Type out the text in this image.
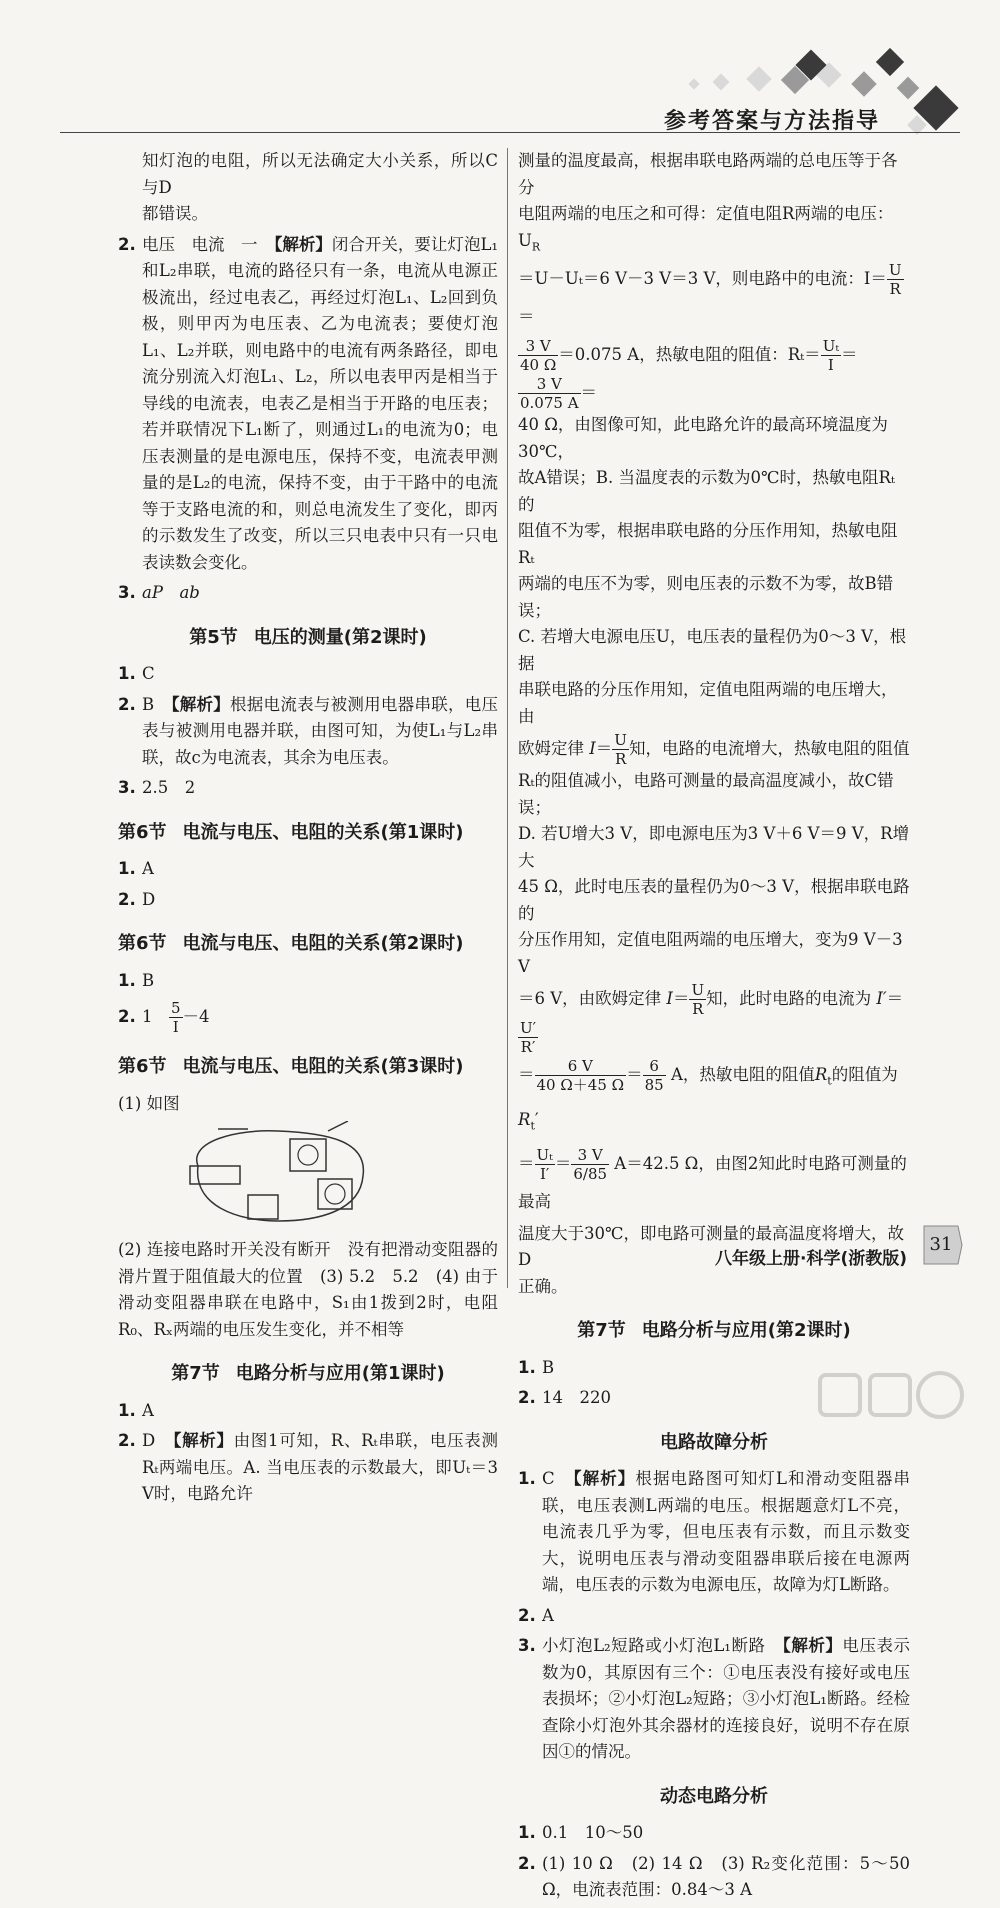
参考答案与方法指导

知灯泡的电阻，所以无法确定大小关系，所以C与D

都错误。

2. 电压　电流　一　 【解析】闭合开关，要让灯泡L₁和L₂串联，电流的路径只有一条，电流从电源正极流出，经过电表乙，再经过灯泡L₁、L₂回到负极，则甲丙为电压表、乙为电流表；要使灯泡L₁、L₂并联，则电路中的电流有两条路径，即电流分别流入灯泡L₁、L₂，所以电表甲丙是相当于导线的电流表，电表乙是相当于开路的电压表；若并联情况下L₁断了，则通过L₁的电流为0；电压表测量的是电源电压，保持不变，电流表甲测量的是L₂的电流，保持不变，由于干路中的电流等于支路电流的和，则总电流发生了变化，即丙的示数发生了改变，所以三只电表中只有一只电表读数会变化。
3. aP　ab
第5节 电压的测量(第2课时)
1. C
2. B　 【解析】根据电流表与被测用电器串联，电压表与被测用电器并联，由图可知，为使L₁与L₂串联，故c为电流表，其余为电压表。
3. 2.5　2
第6节 电流与电压、电阻的关系(第1课时)
1. A
2. D
第6节 电流与电压、电阻的关系(第2课时)
1. B
2. 1　 $\frac{5}{I} -4$
第6节 电流与电压、电阻的关系(第3课时)

(1) 如图

(2) 连接电路时开关没有断开　没有把滑动变阻器的滑片置于阻值最大的位置　(3) 5.2　5.2　(4) 由于滑动变阻器串联在电路中，S₁由1拨到2时，电阻R₀、Rₓ两端的电压发生变化，并不相等

第7节 电路分析与应用(第1课时)
1. A
2. D　 【解析】由图1可知，R、Rₜ串联，电压表测Rₜ两端电压。A. 当电压表的示数最大，即Uₜ＝3 V时，电路允许

测量的温度最高，根据串联电路两端的总电压等于各分

电阻两端的电压之和可得：定值电阻R两端的电压：$U_R$

＝U－Uₜ＝6 V－3 V＝3 V，则电路中的电流：$I= \frac{U}{R}$
＝

$\frac{3 V}{40 \Omega} =0.075$ A，热敏电阻的阻值：$R_t= \frac{\text{Uₜ}}{I}$ ＝
$\frac{3 V}{0.075 A}$ ＝

40 Ω，由图像可知，此电路允许的最高环境温度为30℃，

故A错误；B. 当温度表的示数为0℃时，热敏电阻Rₜ的

阻值不为零，根据串联电路的分压作用知，热敏电阻Rₜ

两端的电压不为零，则电压表的示数不为零，故B错误；

C. 若增大电源电压U，电压表的量程仍为0～3 V，根据

串联电路的分压作用知，定值电阻两端的电压增大，由

欧姆定律 $I= \frac{U}{R}$ 知，电路的电流增大，热敏电阻的阻值

Rₜ的阻值减小，电路可测量的最高温度减小，故C错误；

D. 若U增大3 V，即电源电压为3 V＋6 V＝9 V，R增大

45 Ω，此时电压表的量程仍为0～3 V，根据串联电路的

分压作用知，定值电阻两端的电压增大，变为9 V－3 V

＝6 V，由欧姆定律 $I= \frac{U}{R}$ 知，此时电路的电流为 I′＝
$\frac{U'}{R'}$

＝ $\frac{6 V}{40 \Omega+45 \Omega} = \frac{6}{85}$ A，热敏电阻的阻值$R_t$的阻值为$R_t'$

＝ $\frac{\text{Uₜ}}{I'} = \frac{3 V}{6/85} A=42.5$ Ω，由图2知此时电路可测量的最高

温度大于30℃，即电路可测量的最高温度将增大，故D

正确。

第7节 电路分析与应用(第2课时)
1. B
2. 14　220
电路故障分析
1. C　 【解析】根据电路图可知灯L和滑动变阻器串联，电压表测L两端的电压。根据题意灯L不亮，电流表几乎为零，但电压表有示数，而且示数变大，说明电压表与滑动变阻器串联后接在电源两端，电压表的示数为电源电压，故障为灯L断路。
2. A
3. 小灯泡L₂短路或小灯泡L₁断路　 【解析】电压表示数为0，其原因有三个：①电压表没有接好或电压表损坏；②小灯泡L₂短路；③小灯泡L₁断路。经检查除小灯泡外其余器材的连接良好，说明不存在原因①的情况。
动态电路分析
1. 0.1　10～50
2. (1) 10 Ω　(2) 14 Ω　(3) R₂变化范围：5～50 Ω，电流表范围：0.84～3 A
八年级上册·科学(浙教版)
31
